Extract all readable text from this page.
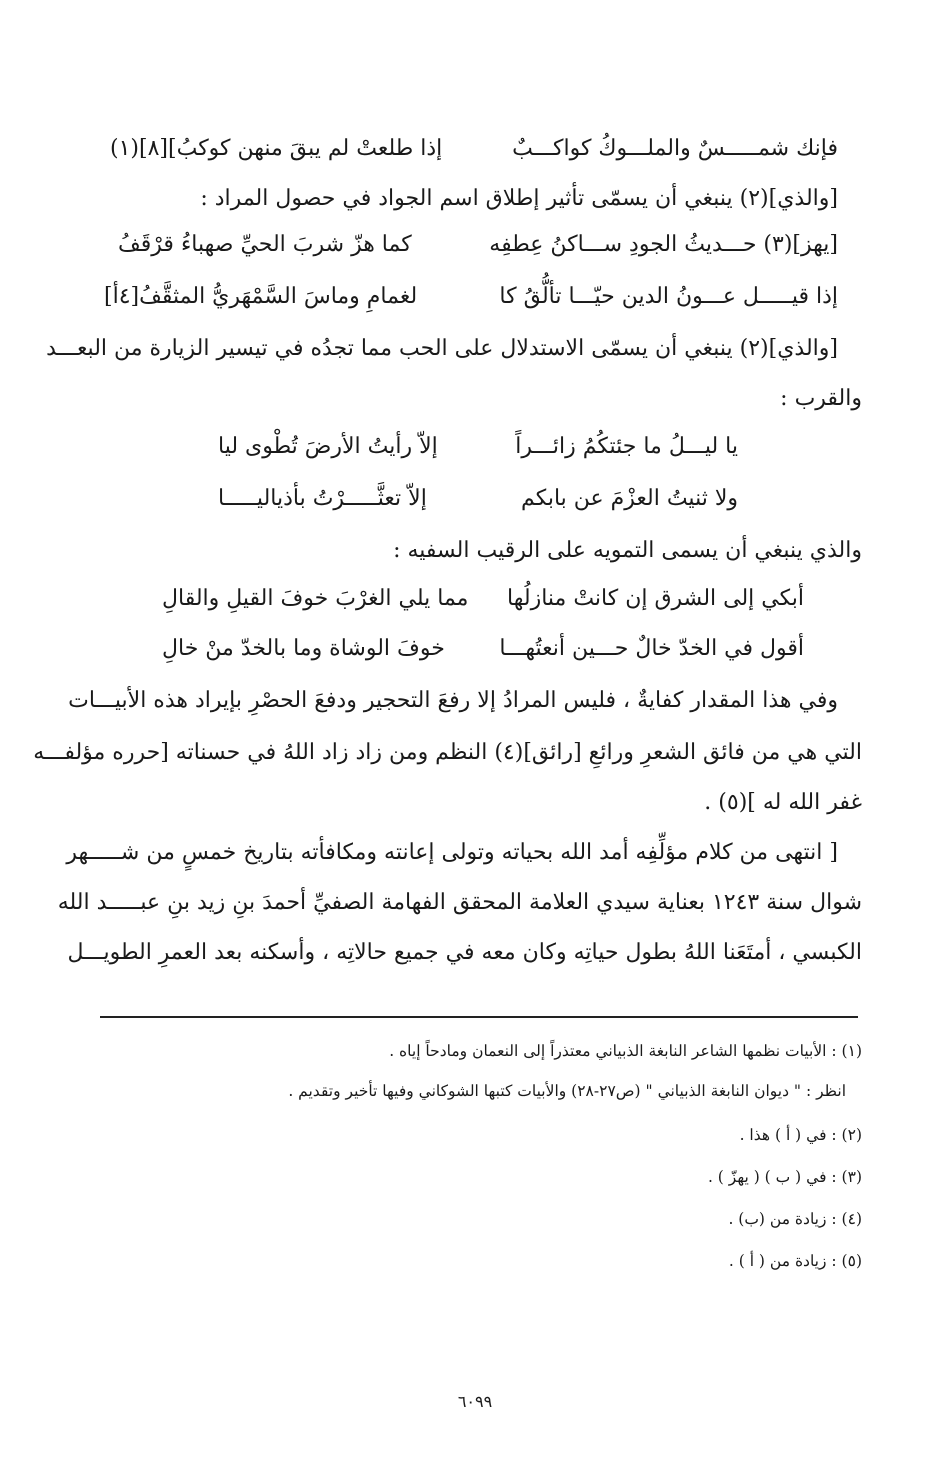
فإنك شمـــــسٌ والملـــوكُ كواكـــبٌ
إذا طلعتْ لم يبقَ منهن كوكبُ][٨](١)
[والذي](٢) ينبغي أن يسمّى تأثير إطلاق اسم الجواد في حصول المراد :
[يهز](٣) حـــديثُ الجودِ ســـاكنُ عِطفِه
كما هزّ شربَ الحيِّ صهباءُ قرْقَفُ
إذا قيـــــل عـــونُ الدين حيّـــا تألُّقُ كا
لغمامِ وماسَ السَّمْهَريُّ المثقَّفُ[٤أ]
[والذي](٢) ينبغي أن يسمّى الاستدلال على الحب مما تجدُه في تيسير الزيارة من البعـــد
والقرب :
يا ليـــلُ ما جئتكُمُ زائـــراً
إلاّ رأيتُ الأرضَ تُطْوى ليا
ولا ثنيتُ العزْمَ عن بابكم
إلاّ تعثَّـــــرْتُ بأذياليـــــا
والذي ينبغي أن يسمى التمويه على الرقيب السفيه :
أبكي إلى الشرق إن كانتْ منازلُها
مما يلي الغرْبَ خوفَ القيلِ والقالِ
أقول في الخدّ خالٌ حـــين أنعتُهـــا
خوفَ الوشاة وما بالخدّ منْ خالِ
وفي هذا المقدار كفايةٌ ، فليس المرادُ إلا رفعَ التحجير ودفعَ الحصْرِ بإيراد هذه الأبيـــات
التي هي من فائق الشعرِ ورائعِ [رائق](٤) النظم ومن زاد زاد اللهُ في حسناته [حرره مؤلفـــه
غفر الله له ](٥) .
[ انتهى من كلام مؤلِّفِه أمد الله بحياته وتولى إعانته ومكافأته بتاريخ خمسٍ من شـــــهر
شوال سنة ١٢٤٣ بعناية سيدي العلامة المحقق الفهامة الصفيِّ أحمدَ بنِ زيد بنِ عبـــــد الله
الكبسي ، أمتَعَنا اللهُ بطول حياتِه وكان معه في جميع حالاتِه ، وأسكنه بعد العمرِ الطويـــل
(١) : الأبيات نظمها الشاعر النابغة الذبياني معتذراً إلى النعمان ومادحاً إياه .
انظر : " ديوان النابغة الذبياني " (ص٢٧-٢٨) والأبيات كتبها الشوكاني وفيها تأخير وتقديم .
(٢) : في ( أ ) هذا .
(٣) : في ( ب ) ( يهزّ ) .
(٤) : زيادة من (ب) .
(٥) : زيادة من ( أ ) .
٦٠٩٩
